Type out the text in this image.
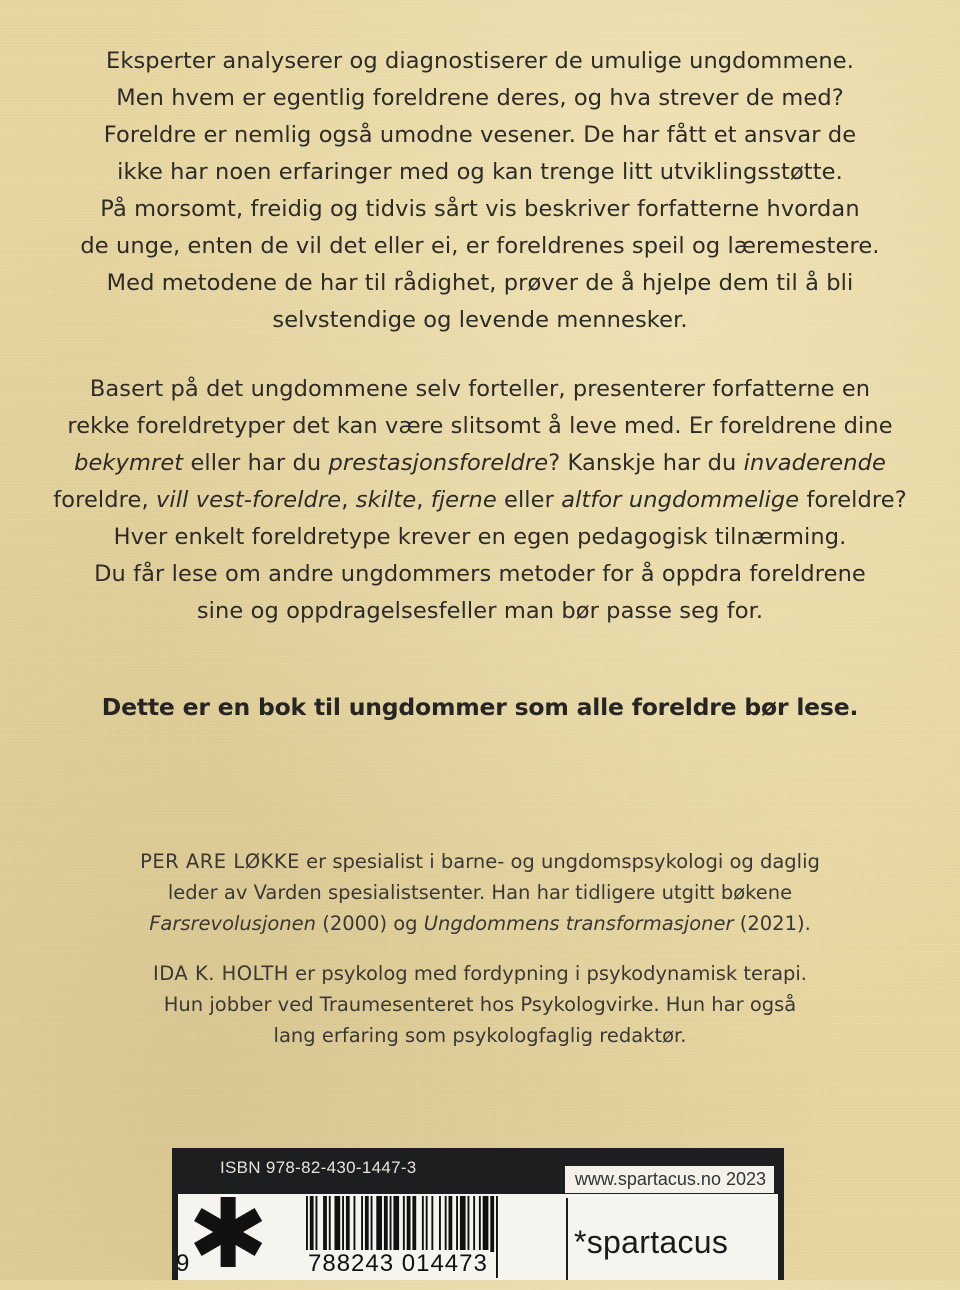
Eksperter analyserer og diagnostiserer de umulige ungdommene.
Men hvem er egentlig foreldrene deres, og hva strever de med?
Foreldre er nemlig også umodne vesener. De har fått et ansvar de
ikke har noen erfaringer med og kan trenge litt utviklingsstøtte.
På morsomt, freidig og tidvis sårt vis beskriver forfatterne hvordan
de unge, enten de vil det eller ei, er foreldrenes speil og læremestere.
Med metodene de har til rådighet, prøver de å hjelpe dem til å bli
selvstendige og levende mennesker.
Basert på det ungdommene selv forteller, presenterer forfatterne en
rekke foreldretyper det kan være slitsomt å leve med. Er foreldrene dine
bekymret eller har du prestasjonsforeldre? Kanskje har du invaderende
foreldre, vill vest-foreldre, skilte, fjerne eller altfor ungdommelige foreldre?
Hver enkelt foreldretype krever en egen pedagogisk tilnærming.
Du får lese om andre ungdommers metoder for å oppdra foreldrene
sine og oppdragelsesfeller man bør passe seg for.
Dette er en bok til ungdommer som alle foreldre bør lese.
PER ARE LØKKE er spesialist i barne- og ungdomspsykologi og daglig
leder av Varden spesialistsenter. Han har tidligere utgitt bøkene
Farsrevolusjonen (2000) og Ungdommens transformasjoner (2021).
IDA K. HOLTH er psykolog med fordypning i psykodynamisk terapi.
Hun jobber ved Traumesenteret hos Psykologvirke. Hun har også
lang erfaring som psykologfaglig redaktør.
ISBN 978-82-430-1447-3
www.spartacus.no 2023
✱
9	788243 014473
*spartacus
